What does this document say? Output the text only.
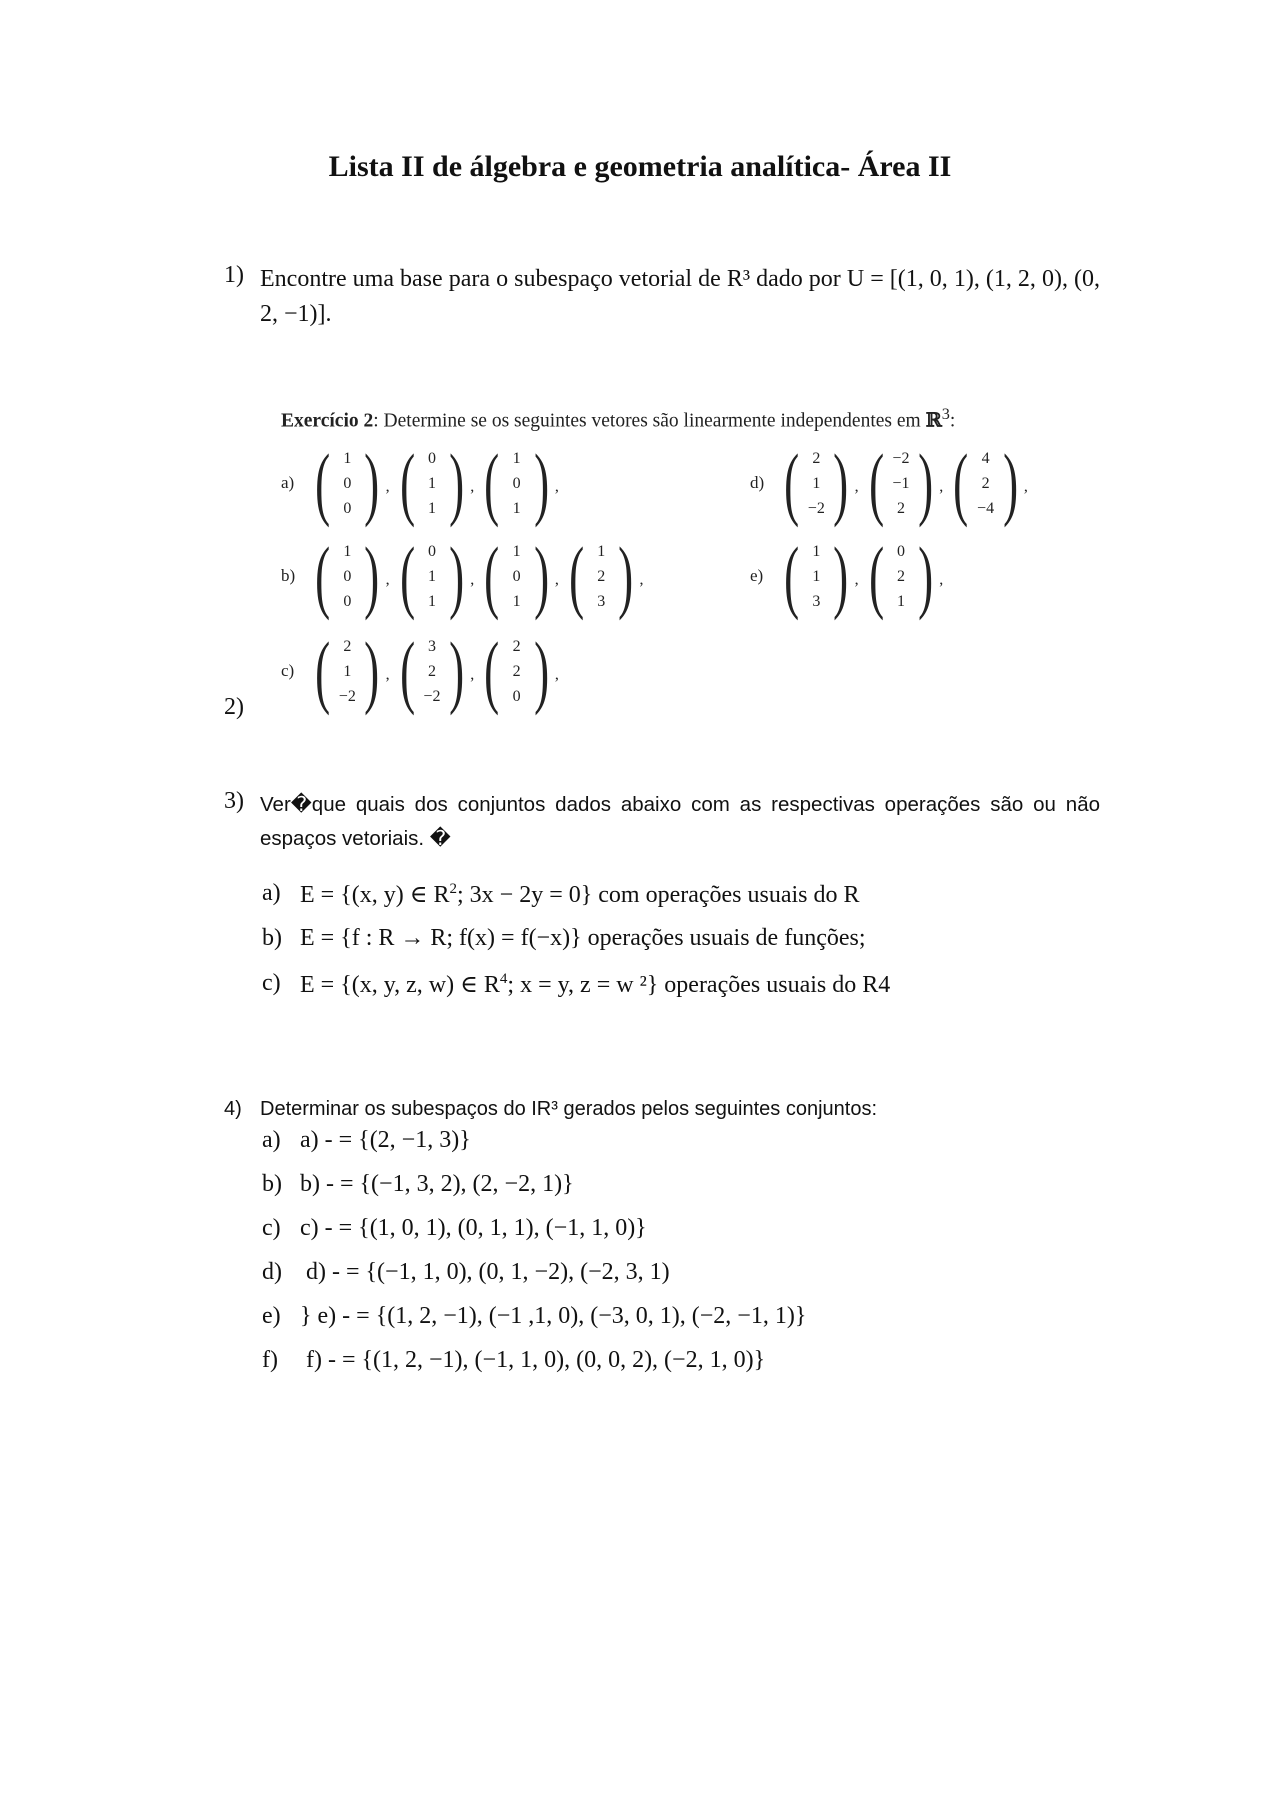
Lista II de álgebra e geometria analítica- Área II
1) Encontre uma base para o subespaço vetorial de R³ dado por U = [(1, 0, 1), (1, 2, 0), (0, 2, −1)].
Exercício 2: Determine se os seguintes vetores são linearmente independentes em ℝ$^3$:
a) ( 1
0
0 ) , ( 0
1
1 ) , ( 1
0
1 ) ,
b) ( 1
0
0 ) , ( 0
1
1 ) , ( 1
0
1 ) , ( 1
2
3 ) ,
c) ( 2
1
−2 ) , ( 3
2
−2 ) , ( 2
2
0 ) ,
d) ( 2
1
−2 ) , ( −2
−1
2 ) , ( 4
2
−4 ) ,
e) ( 1
1
3 ) , ( 0
2
1 ) ,
2)
3) Ver�que quais dos conjuntos dados abaixo com as respectivas operações são ou não espaços vetoriais. �
a) E = {(x, y) ∈ $R^2$; 3x − 2y = 0} com operações usuais do R
b) E = {f : R → R; f(x) = f(−x)} operações usuais de funções;
c) E = {(x, y, z, w) ∈ $R^4$; x = y, z = w ²} operações usuais do R4
4) Determinar os subespaços do IR³ gerados pelos seguintes conjuntos:
a) a) - = {(2, −1, 3)}
b) b) - = {(−1, 3, 2), (2, −2, 1)}
c) c) - = {(1, 0, 1), (0, 1, 1), (−1, 1, 0)}
d) d) - = {(−1, 1, 0), (0, 1, −2), (−2, 3, 1)
e) } e) - = {(1, 2, −1), (−1 ,1, 0), (−3, 0, 1), (−2, −1, 1)}
f) f) - = {(1, 2, −1), (−1, 1, 0), (0, 0, 2), (−2, 1, 0)}
